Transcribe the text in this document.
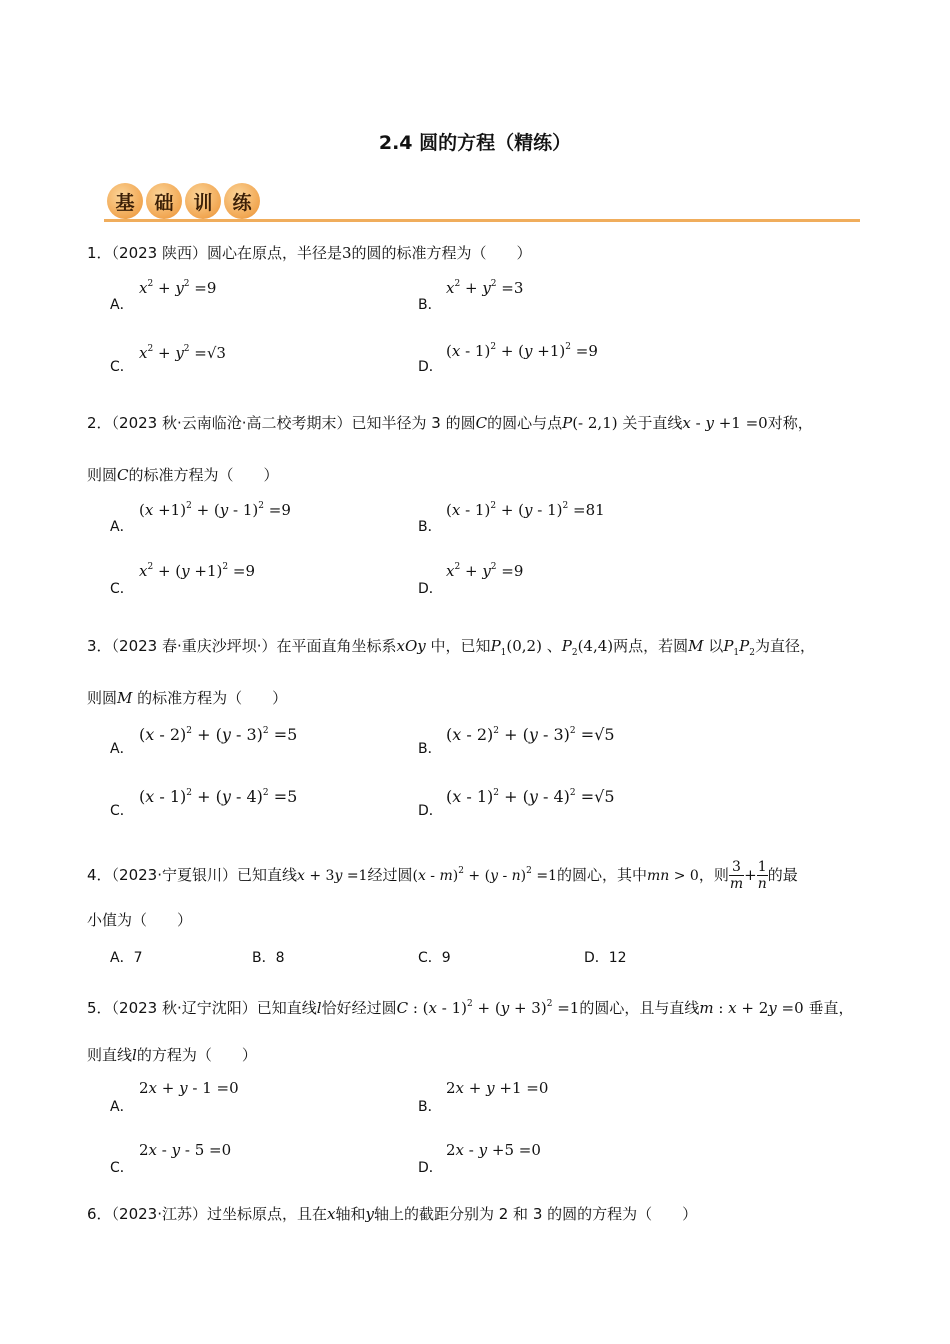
2.4 圆的方程（精练）
基	础	训	练
1．（2023 陕西）圆心在原点，半径是3的圆的标准方程为（　　）
A．
$x^2 + y^2 =9$
B．
$x^2 + y^2 =3$
C．
$x^2 + y^2 =√3$
D．
$(x - 1)^2 + (y +1)^2 =9$
2．（2023 秋·云南临沧·高二校考期末）已知半径为 3 的圆C的圆心与点P(- 2,1) 关于直线x - y +1 =0对称，
则圆C的标准方程为（　　）
A．
$(x +1)^2 + (y - 1)^2 =9$
B．
(x - 1)$^2$ + (y - 1)$^2$ =81
C．
$x^2 + (y +1)^2 =9$
D．
$x^2 + y^2 =9$
3．（2023 春·重庆沙坪坝·）在平面直角坐标系xOy 中，已知$P_1(0,2)$ 、$P_2(4,4)$两点，若圆M 以$P_1P_2$为直径，
则圆M 的标准方程为（　　）
A．
(x - 2)$^2$ + (y - 3)$^2$ =5
B．
(x - 2)$^2$ + (y - 3)$^2$ =√5
C．
(x - 1)$^2$ + (y - 4)$^2$ =5
D．
(x - 1)$^2$ + (y - 4)$^2$ =√5
4．（2023·宁夏银川）已知直线x + 3y =1经过圆(x - m)$^2$ + (y - n)$^2$ =1的圆心，其中mn > 0，则 $\frac{3}{m} + \frac{1}{n}$ 的最
小值为（　　）
A．7	B．8	C．9	D．12
5．（2023 秋·辽宁沈阳）已知直线l恰好经过圆C : $(x - 1)^2 + (y + 3)^2 =1$的圆心，且与直线m : x + 2y =0 垂直，
则直线l的方程为（　　）
A．
2x + y - 1 =0
B．
2x + y +1 =0
C．
2x - y - 5 =0
D．
2x - y +5 =0
6．（2023·江苏）过坐标原点，且在x轴和y轴上的截距分别为 2 和 3 的圆的方程为（　　）
